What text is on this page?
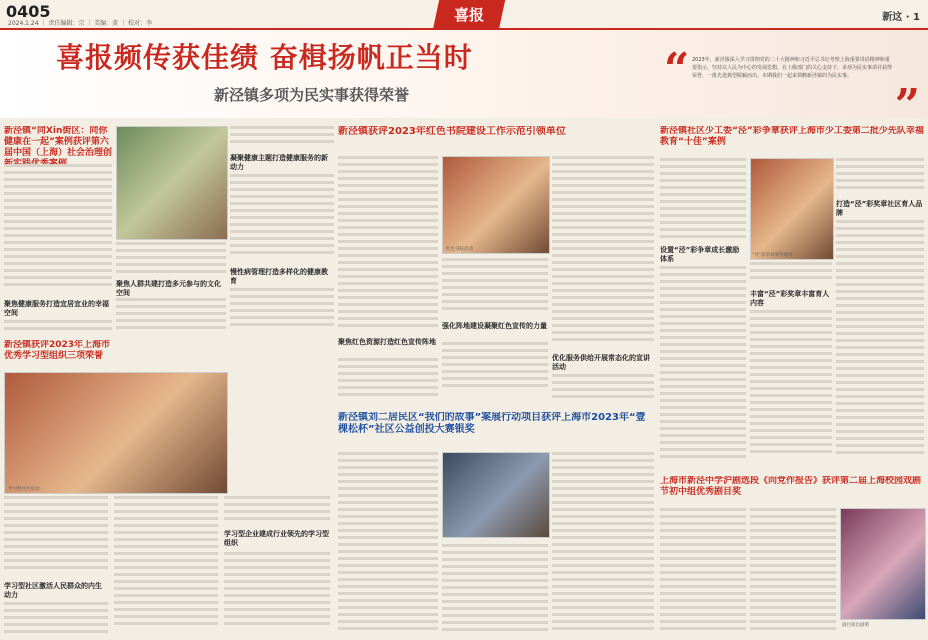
0405
2024.1.24 ｜ 责任编辑：宗 ｜ 美编：黄 ｜ 校对：李	喜报	新这 · 1
喜报频传获佳绩 奋楫扬帆正当时
新泾镇多项为民实事获得荣誉	“ 2023年，新泾镇深入学习贯彻党的二十大精神和习近平总书记考察上海重要讲话精神和重要指示，坚持以人民为中心的发展思想，在上级部门的关心支持下，多项为民实事项目获得荣誉，一批先进典型脱颖而出。本期我们一起来领略新泾镇的为民实事。
”
新泾镇“同Xin街区：同你健康在一起”案例获评第六届中国（上海）社会治理创
聚焦健康服务打造宜居宜业的幸福空间
聚焦人群共建打造多元参与的文化空间
凝聚健康主题打造健康服务的新动力
慢性病管理打造多样化的健康教育
新泾镇获评2023年上海市优秀学习型组织三项荣誉
学习型社区活动
学习型社区激活人民群众的内生动力
学习型企业建成行业领先的学习型组织
新泾镇获评2023年红色书院建设工作示范引领单位
聚焦红色资源打造红色宣传阵地
红色书院活动
强化阵地建设凝聚红色宣传的力量
优化服务供给开展常态化的宣讲活动
新泾镇刘二居民区“我们的故事”案展行动项目获评上海市2023年“壹棵松杯”社区公益创投大赛银奖
新泾镇社区少工委“泾”彩争章获评上海市少工委第二批少先队幸福教育“十佳”案例
设置“泾”彩争章成长激励体系	“泾”彩争章颁奖现场
丰富“泾”彩奖章丰富育人内容
打造“泾”彩奖章社区育人品牌
上海市新泾中学沪剧选段《向党作报告》获评第二届上海校园戏剧节初中组优秀剧目奖
剧目演出剧照
